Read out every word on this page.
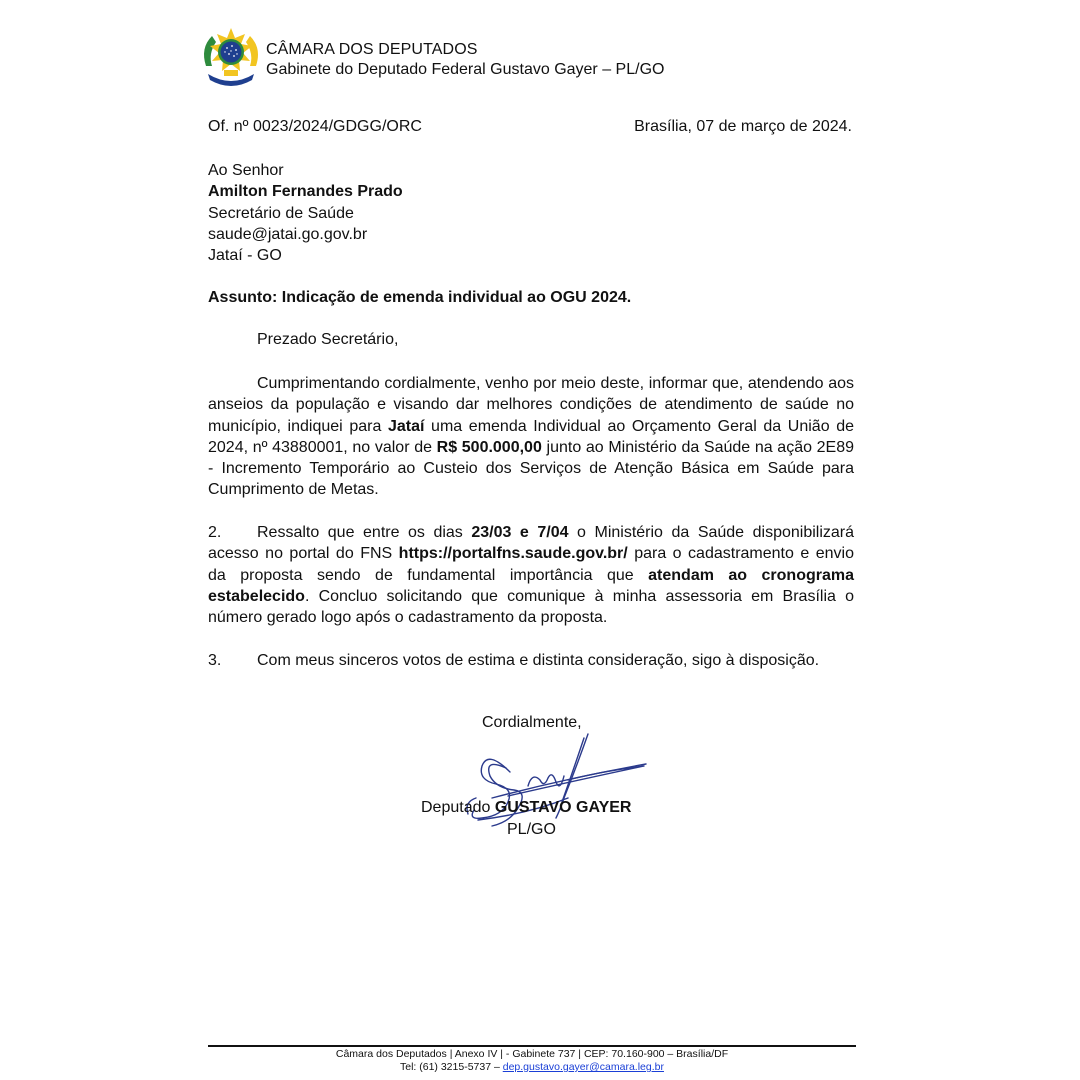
CÂMARA DOS DEPUTADOS
Gabinete do Deputado Federal Gustavo Gayer – PL/GO
Of. nº 0023/2024/GDGG/ORC	Brasília, 07 de março de 2024.
Ao Senhor
Amilton Fernandes Prado
Secretário de Saúde
saude@jatai.go.gov.br
Jataí - GO
Assunto: Indicação de emenda individual ao OGU 2024.
Prezado Secretário,
Cumprimentando cordialmente, venho por meio deste, informar que, atendendo aos anseios da população e visando dar melhores condições de atendimento de saúde no município, indiquei para Jataí uma emenda Individual ao Orçamento Geral da União de 2024, nº 43880001, no valor de R$ 500.000,00 junto ao Ministério da Saúde na ação 2E89 - Incremento Temporário ao Custeio dos Serviços de Atenção Básica em Saúde para Cumprimento de Metas.
2. Ressalto que entre os dias 23/03 e 7/04 o Ministério da Saúde disponibilizará acesso no portal do FNS https://portalfns.saude.gov.br/ para o cadastramento e envio da proposta sendo de fundamental importância que atendam ao cronograma estabelecido. Concluo solicitando que comunique à minha assessoria em Brasília o número gerado logo após o cadastramento da proposta.
3. Com meus sinceros votos de estima e distinta consideração, sigo à disposição.
Cordialmente,
Deputado GUSTAVO GAYER
PL/GO
Câmara dos Deputados | Anexo IV | - Gabinete 737 | CEP: 70.160-900 – Brasília/DF
Tel: (61) 3215-5737 – dep.gustavo.gayer@camara.leg.br
